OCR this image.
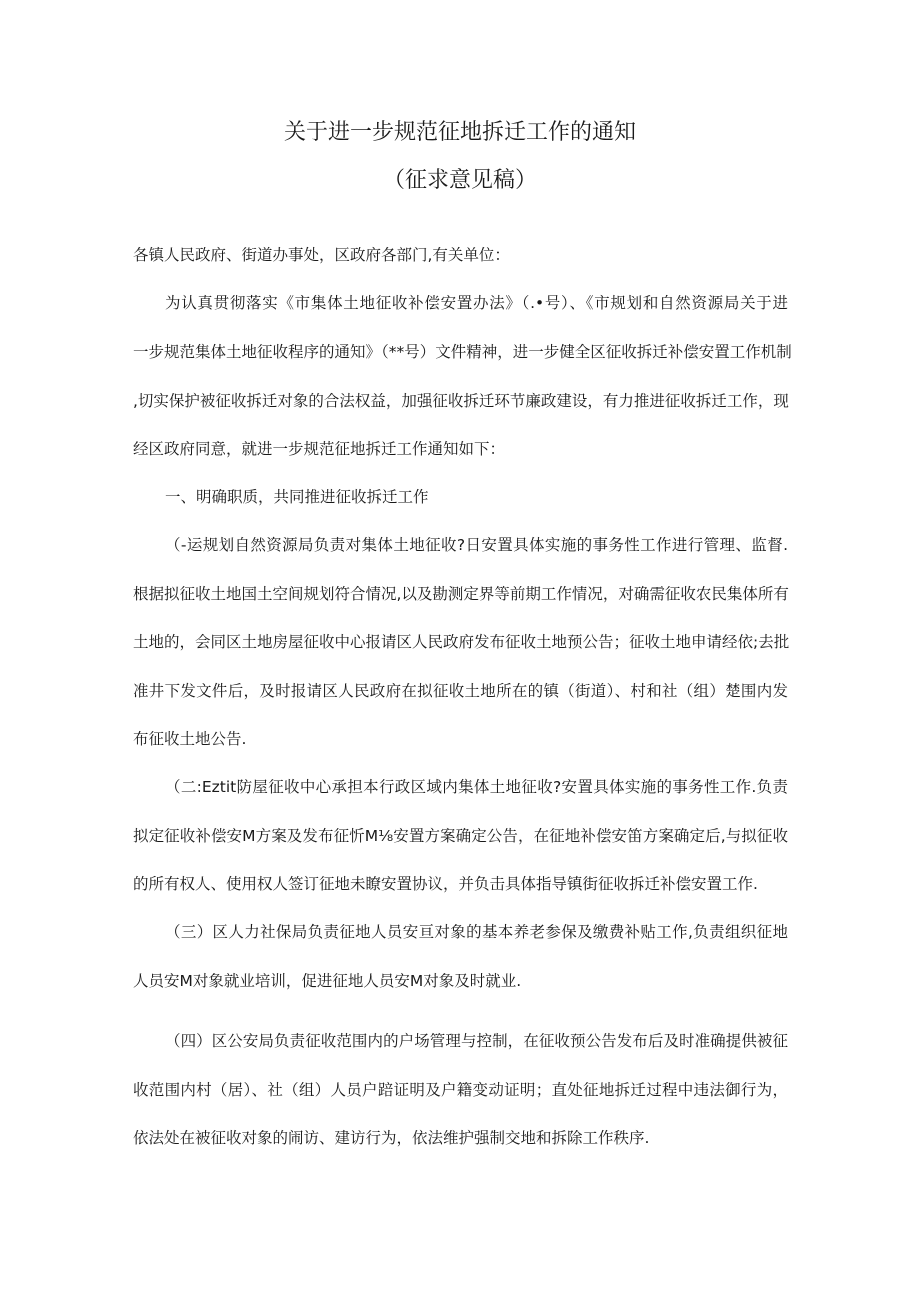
关于进一步规范征地拆迁工作的通知
（征求意见稿）

各镇人民政府、街道办事处，区政府各部门,有关单位：

为认真贯彻落实《市集体土地征收补偿安置办法》（.•号）、《市规划和自然资源局关于进

一步规范集体土地征收程序的通知》（**号）文件精神，进一步健全区征收拆迁补偿安置工作机制

,切实保护被征收拆迁对象的合法权益，加强征收拆迁环节廉政建设，有力推进征收拆迁工作，现

经区政府同意，就进一步规范征地拆迁工作通知如下：

一、明确职质，共同推进征收拆迁工作

（-运规划自然资源局负责对集体土地征收?日安置具体实施的事务性工作进行管理、监督.

根据拟征收土地国土空间规划符合情况,以及勘测定界等前期工作情况，对确需征收农民集体所有

土地的，会同区土地房屋征收中心报请区人民政府发布征收土地预公告；征收土地申请经依;去批

准井下发文件后，及时报请区人民政府在拟征收土地所在的镇（街道）、村和社（组）楚围内发

布征收土地公告.

（二:Eztit防屋征收中心承担本行政区域内集体土地征收?安置具体实施的事务性工作.负责

拟定征收补偿安M方案及发布征忻M⅛安置方案确定公告，在征地补偿安笛方案确定后,与拟征收

的所有权人、使用权人签订征地未瞭安置协议，并负击具体指导镇街征收拆迁补偿安置工作.

（三）区人力社保局负责征地人员安亘对象的基本养老参保及缴费补贴工作,负责组织征地

人员安M对象就业培训，促进征地人员安M对象及时就业.

（四）区公安局负责征收范围内的户场管理与控制，在征收预公告发布后及时准确提供被征

收范围内村（居）、社（组）人员户踣证明及户籍变动证明；直处征地拆迁过程中违法御行为，

依法处在被征收对象的闹访、建访行为，依法维护强制交地和拆除工作秩序.
